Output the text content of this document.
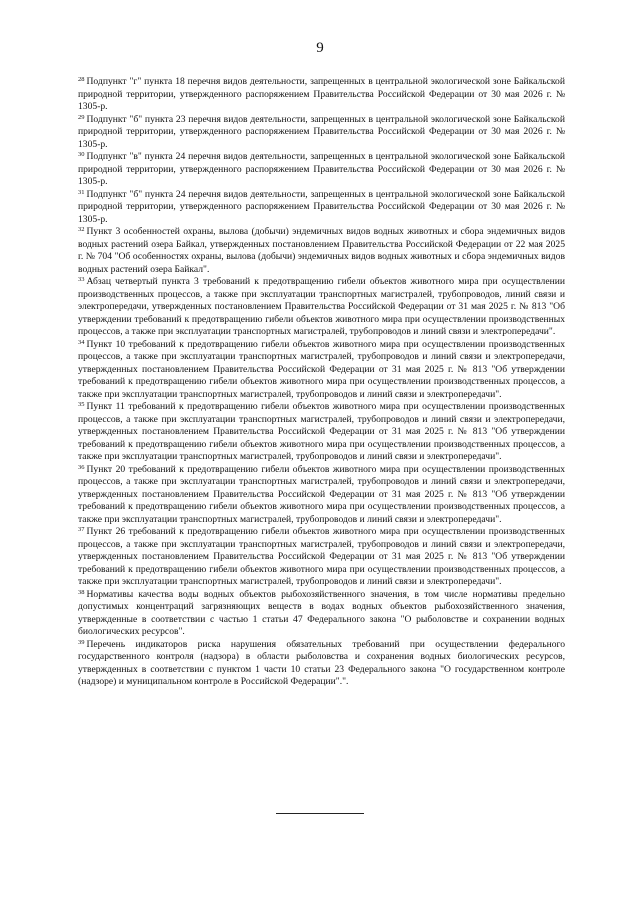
9

$^{28}$ Подпункт "г" пункта 18 перечня видов деятельности, запрещенных в центральной экологической зоне Байкальской природной территории, утвержденного распоряжением Правительства Российской Федерации от 30 мая 2026 г. № 1305-р.

$^{29}$ Подпункт "б" пункта 23 перечня видов деятельности, запрещенных в центральной экологической зоне Байкальской природной территории, утвержденного распоряжением Правительства Российской Федерации от 30 мая 2026 г. № 1305-р.

$^{30}$ Подпункт "в" пункта 24 перечня видов деятельности, запрещенных в центральной экологической зоне Байкальской природной территории, утвержденного распоряжением Правительства Российской Федерации от 30 мая 2026 г. № 1305-р.

$^{31}$ Подпункт "б" пункта 24 перечня видов деятельности, запрещенных в центральной экологической зоне Байкальской природной территории, утвержденного распоряжением Правительства Российской Федерации от 30 мая 2026 г. № 1305-р.

$^{32}$ Пункт 3 особенностей охраны, вылова (добычи) эндемичных видов водных животных и сбора эндемичных видов водных растений озера Байкал, утвержденных постановлением Правительства Российской Федерации от 22 мая 2025 г. № 704 "Об особенностях охраны, вылова (добычи) эндемичных видов водных животных и сбора эндемичных видов водных растений озера Байкал".

$^{33}$ Абзац четвертый пункта 3 требований к предотвращению гибели объектов животного мира при осуществлении производственных процессов, а также при эксплуатации транспортных магистралей, трубопроводов, линий связи и электропередачи, утвержденных постановлением Правительства Российской Федерации от 31 мая 2025 г. № 813 "Об утверждении требований к предотвращению гибели объектов животного мира при осуществлении производственных процессов, а также при эксплуатации транспортных магистралей, трубопроводов и линий связи и электропередачи".

$^{34}$ Пункт 10 требований к предотвращению гибели объектов животного мира при осуществлении производственных процессов, а также при эксплуатации транспортных магистралей, трубопроводов и линий связи и электропередачи, утвержденных постановлением Правительства Российской Федерации от 31 мая 2025 г. № 813 "Об утверждении требований к предотвращению гибели объектов животного мира при осуществлении производственных процессов, а также при эксплуатации транспортных магистралей, трубопроводов и линий связи и электропередачи".

$^{35}$ Пункт 11 требований к предотвращению гибели объектов животного мира при осуществлении производственных процессов, а также при эксплуатации транспортных магистралей, трубопроводов и линий связи и электропередачи, утвержденных постановлением Правительства Российской Федерации от 31 мая 2025 г. № 813 "Об утверждении требований к предотвращению гибели объектов животного мира при осуществлении производственных процессов, а также при эксплуатации транспортных магистралей, трубопроводов и линий связи и электропередачи".

$^{36}$ Пункт 20 требований к предотвращению гибели объектов животного мира при осуществлении производственных процессов, а также при эксплуатации транспортных магистралей, трубопроводов и линий связи и электропередачи, утвержденных постановлением Правительства Российской Федерации от 31 мая 2025 г. № 813 "Об утверждении требований к предотвращению гибели объектов животного мира при осуществлении производственных процессов, а также при эксплуатации транспортных магистралей, трубопроводов и линий связи и электропередачи".

$^{37}$ Пункт 26 требований к предотвращению гибели объектов животного мира при осуществлении производственных процессов, а также при эксплуатации транспортных магистралей, трубопроводов и линий связи и электропередачи, утвержденных постановлением Правительства Российской Федерации от 31 мая 2025 г. № 813 "Об утверждении требований к предотвращению гибели объектов животного мира при осуществлении производственных процессов, а также при эксплуатации транспортных магистралей, трубопроводов и линий связи и электропередачи".

$^{38}$ Нормативы качества воды водных объектов рыбохозяйственного значения, в том числе нормативы предельно допустимых концентраций загрязняющих веществ в водах водных объектов рыбохозяйственного значения, утвержденные в соответствии с частью 1 статьи 47 Федерального закона "О рыболовстве и сохранении водных биологических ресурсов".

$^{39}$ Перечень индикаторов риска нарушения обязательных требований при осуществлении федерального государственного контроля (надзора) в области рыболовства и сохранения водных биологических ресурсов, утвержденных в соответствии с пунктом 1 части 10 статьи 23 Федерального закона "О государственном контроле (надзоре) и муниципальном контроле в Российской Федерации".".
